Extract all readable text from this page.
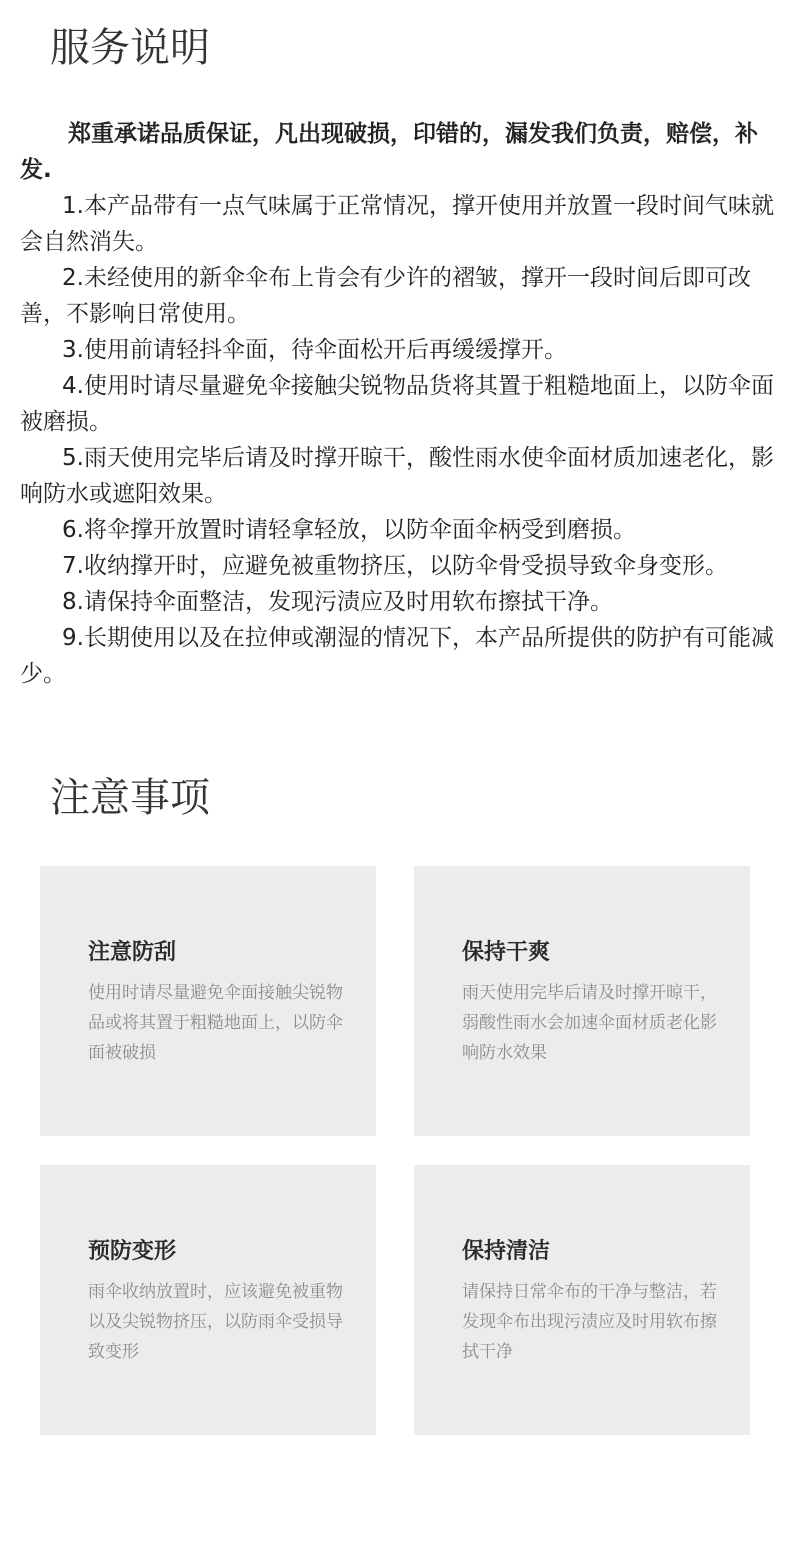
服务说明

郑重承诺品质保证，凡出现破损，印错的，漏发我们负责，赔偿，补发.

1.本产品带有一点气味属于正常情况，撑开使用并放置一段时间气味就会自然消失。

2.未经使用的新伞伞布上肯会有少许的褶皱，撑开一段时间后即可改善，不影响日常使用。

3.使用前请轻抖伞面，待伞面松开后再缓缓撑开。

4.使用时请尽量避免伞接触尖锐物品货将其置于粗糙地面上，以防伞面被磨损。

5.雨天使用完毕后请及时撑开晾干，酸性雨水使伞面材质加速老化，影响防水或遮阳效果。

6.将伞撑开放置时请轻拿轻放，以防伞面伞柄受到磨损。

7.收纳撑开时，应避免被重物挤压，以防伞骨受损导致伞身变形。

8.请保持伞面整洁，发现污渍应及时用软布擦拭干净。

9.长期使用以及在拉伸或潮湿的情况下，本产品所提供的防护有可能减少。

注意事项
注意防刮

使用时请尽量避免伞面接触尖锐物品或将其置于粗糙地面上，以防伞面被破损

保持干爽

雨天使用完毕后请及时撑开晾干，弱酸性雨水会加速伞面材质老化影响防水效果

预防变形

雨伞收纳放置时，应该避免被重物以及尖锐物挤压，以防雨伞受损导致变形

保持清洁

请保持日常伞布的干净与整洁，若发现伞布出现污渍应及时用软布擦拭干净
